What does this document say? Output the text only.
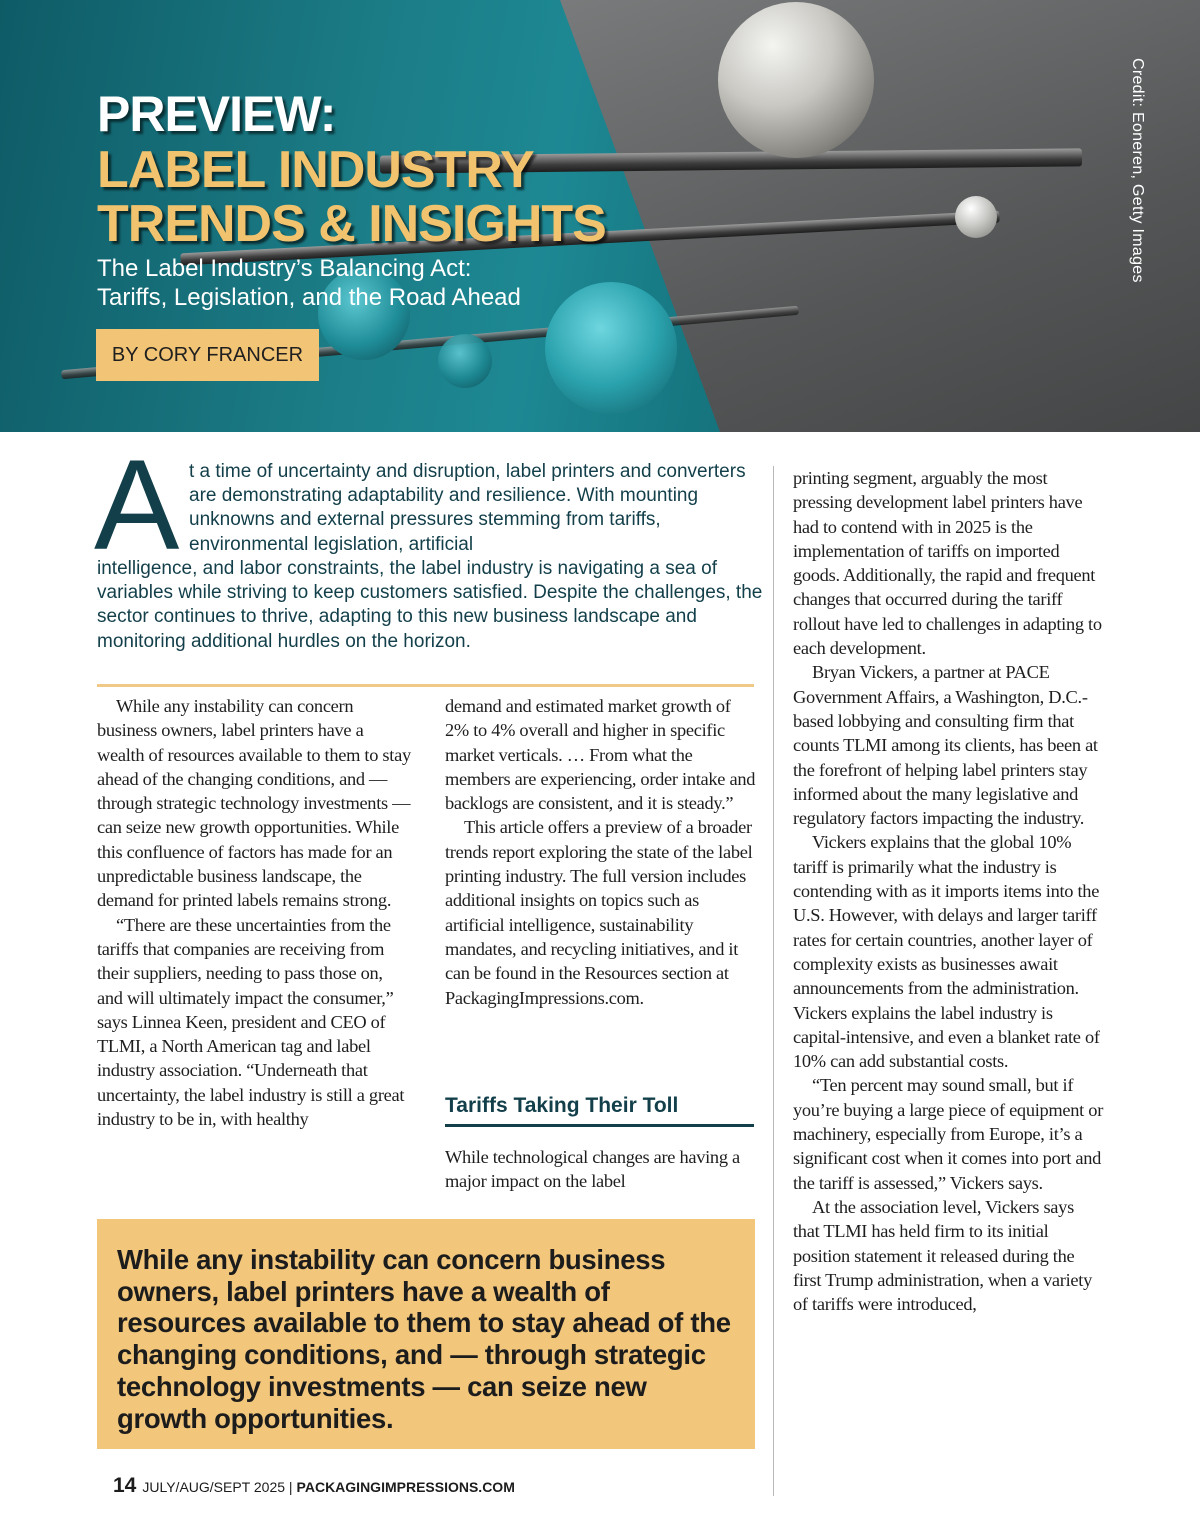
PREVIEW:
LABEL INDUSTRY
TRENDS & INSIGHTS

The Label Industry’s Balancing Act:

Tariffs, Legislation, and the Road Ahead

BY CORY FRANCER
Credit: Eoneren, Getty Images
A t a time of uncertainty and disruption, label printers and converters are demonstrating adaptability and resilience. With mounting unknowns and external pressures stemming from tariffs, environmental legislation, artificial

intelligence, and labor constraints, the label industry is navigating a sea of variables while striving to keep customers satisfied. Despite the challenges, the sector continues to thrive, adapting to this new business landscape and monitoring additional hurdles on the horizon.

While any instability can concern business owners, label printers have a wealth of resources available to them to stay ahead of the changing conditions, and — through strategic technology investments — can seize new growth opportunities. While this confluence of factors has made for an unpredictable business landscape, the demand for printed labels remains strong.

“There are these uncertainties from the tariffs that companies are receiving from their suppliers, needing to pass those on, and will ultimately impact the consumer,” says Linnea Keen, president and CEO of TLMI, a North American tag and label industry association. “Underneath that uncertainty, the label industry is still a great industry to be in, with healthy

demand and estimated market growth of 2% to 4% overall and higher in specific market verticals. … From what the members are experiencing, order intake and backlogs are consistent, and it is steady.”

This article offers a preview of a broader trends report exploring the state of the label printing industry. The full version includes additional insights on topics such as artificial intelligence, sustainability mandates, and recycling initiatives, and it can be found in the Resources section at PackagingImpressions.com.

Tariffs Taking Their Toll

While technological changes are having a major impact on the label

printing segment, arguably the most pressing development label printers have had to contend with in 2025 is the implementation of tariffs on imported goods. Additionally, the rapid and frequent changes that occurred during the tariff rollout have led to challenges in adapting to each development.

Bryan Vickers, a partner at PACE Government Affairs, a Washington, D.C.-based lobbying and consulting firm that counts TLMI among its clients, has been at the forefront of helping label printers stay informed about the many legislative and regulatory factors impacting the industry.

Vickers explains that the global 10% tariff is primarily what the industry is contending with as it imports items into the U.S. However, with delays and larger tariff rates for certain countries, another layer of complexity exists as businesses await announcements from the administration. Vickers explains the label industry is capital-intensive, and even a blanket rate of 10% can add substantial costs.

“Ten percent may sound small, but if you’re buying a large piece of equipment or machinery, especially from Europe, it’s a significant cost when it comes into port and the tariff is assessed,” Vickers says.

At the association level, Vickers says that TLMI has held firm to its initial position statement it released during the first Trump administration, when a variety of tariffs were introduced,

While any instability can concern business owners, label printers have a wealth of resources available to them to stay ahead of the changing conditions, and — through strategic technology investments — can seize new growth opportunities.

14 JULY/AUG/SEPT 2025 | PACKAGINGIMPRESSIONS.COM
